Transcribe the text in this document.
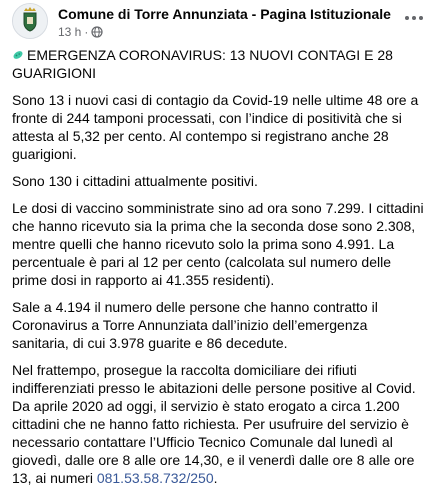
Comune di Torre Annunziata - Pagina Istituzionale
13 h ·

EMERGENZA CORONAVIRUS: 13 NUOVI CONTAGI E 28 GUARIGIONI

Sono 13 i nuovi casi di contagio da Covid-19 nelle ultime 48 ore a fronte di 244 tamponi processati, con l’indice di positività che si attesta al 5,32 per cento. Al contempo si registrano anche 28 guarigioni.

Sono 130 i cittadini attualmente positivi.

Le dosi di vaccino somministrate sino ad ora sono 7.299. I cittadini che hanno ricevuto sia la prima che la seconda dose sono 2.308, mentre quelli che hanno ricevuto solo la prima sono 4.991. La percentuale è pari al 12 per cento (calcolata sul numero delle prime dosi in rapporto ai 41.355 residenti).

Sale a 4.194 il numero delle persone che hanno contratto il Coronavirus a Torre Annunziata dall’inizio dell’emergenza sanitaria, di cui 3.978 guarite e 86 decedute.

Nel frattempo, prosegue la raccolta domiciliare dei rifiuti indifferenziati presso le abitazioni delle persone positive al Covid. Da aprile 2020 ad oggi, il servizio è stato erogato a circa 1.200 cittadini che ne hanno fatto richiesta. Per usufruire del servizio è necessario contattare l’Ufficio Tecnico Comunale dal lunedì al giovedì, dalle ore 8 alle ore 14,30, e il venerdì dalle ore 8 alle ore 13, ai numeri 081.53.58.732/250.
